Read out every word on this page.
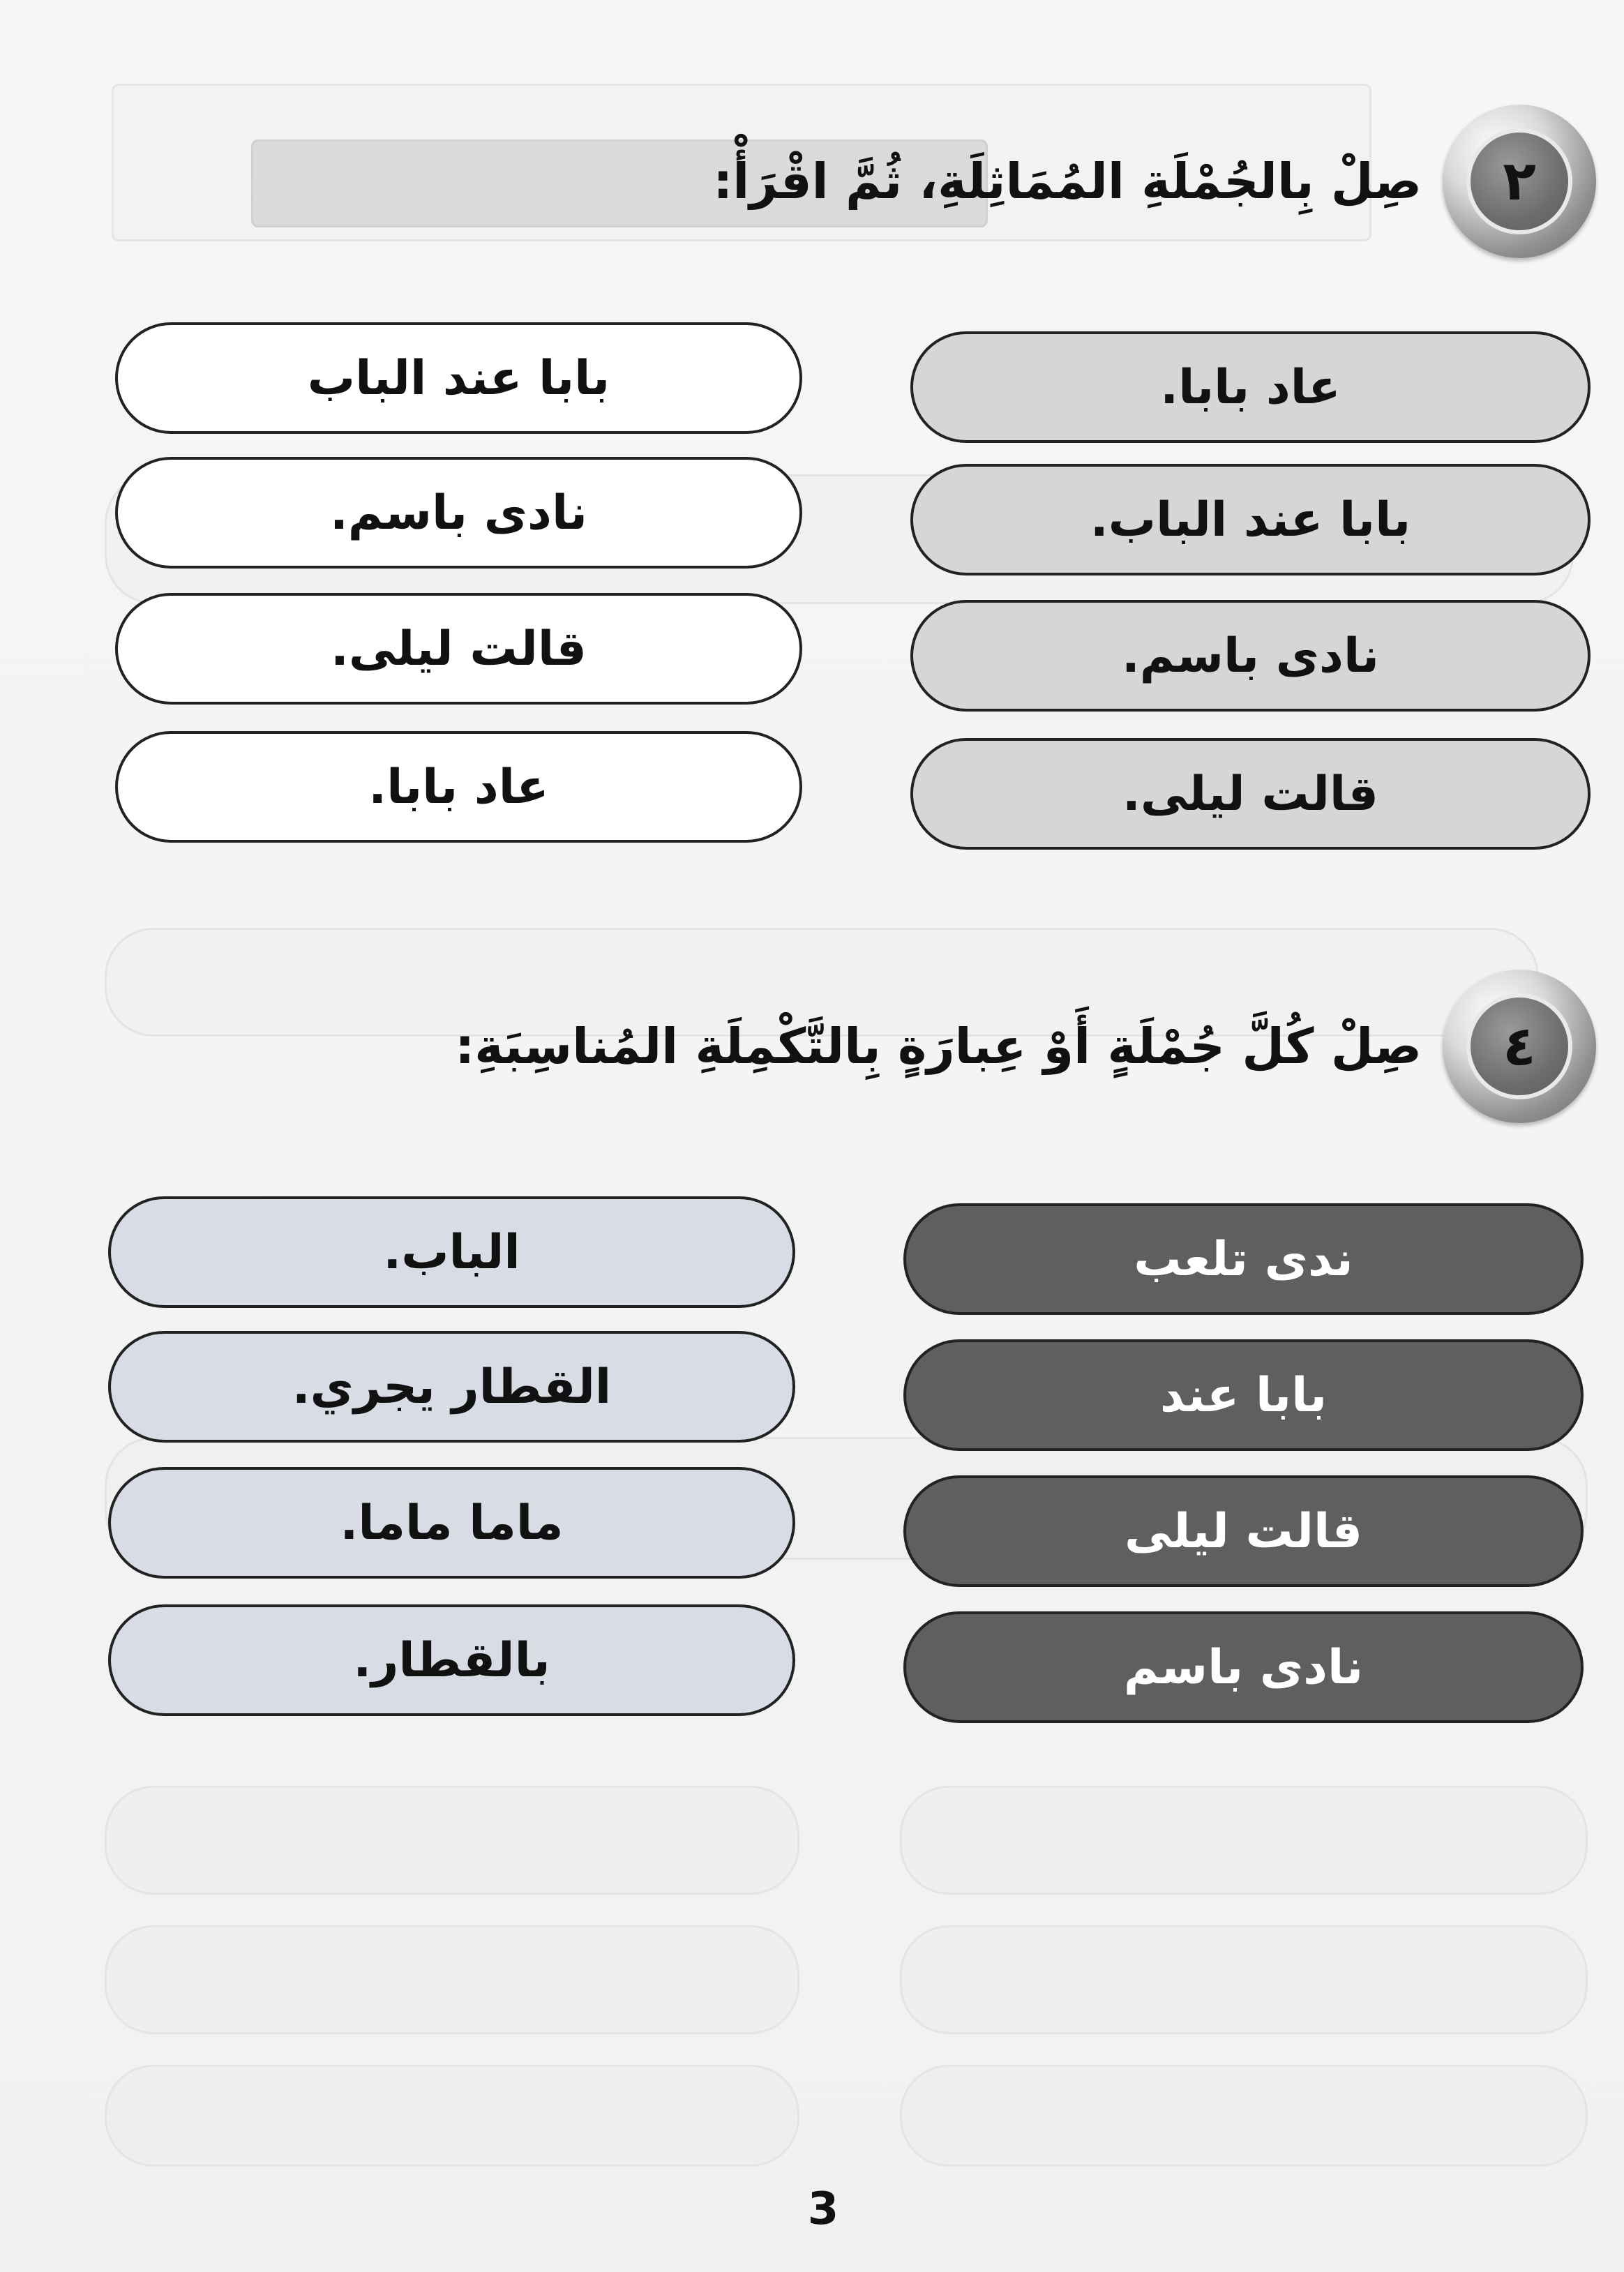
٢
صِلْ بِالجُمْلَةِ المُمَاثِلَةِ، ثُمَّ اقْرَأْ:
عاد بابا.
بابا عند الباب.
نادى باسم.
قالت ليلى.
بابا عند الباب
نادى باسم.
قالت ليلى.
عاد بابا.
٤
صِلْ كُلَّ جُمْلَةٍ أَوْ عِبارَةٍ بِالتَّكْمِلَةِ المُناسِبَةِ:
ندى تلعب
بابا عند
قالت ليلى
نادى باسم
الباب.
القطار يجري.
ماما ماما.
بالقطار.
3
